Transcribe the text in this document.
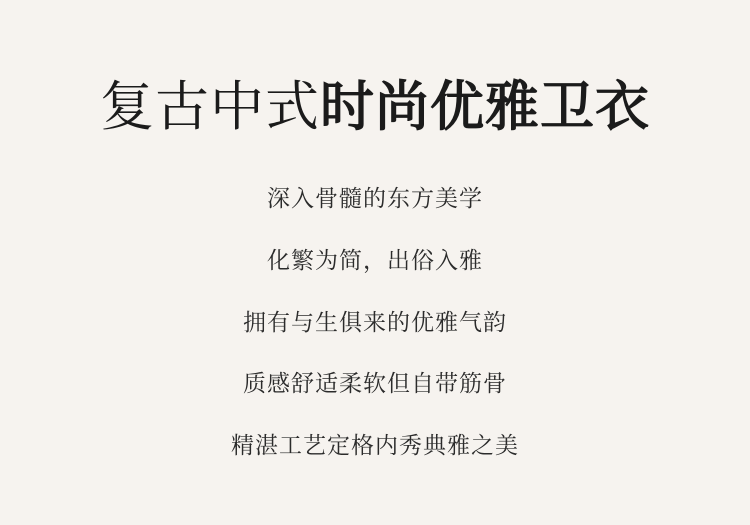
复古中式 时尚优雅卫衣
深入骨髓的东方美学
化繁为简，出俗入雅
拥有与生俱来的优雅气韵
质感舒适柔软但自带筋骨
精湛工艺定格内秀典雅之美
